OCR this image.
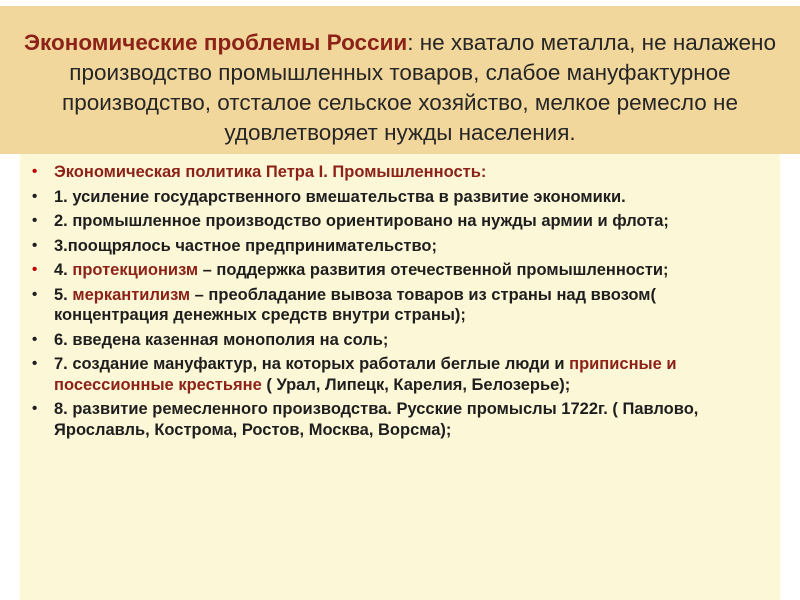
Экономические проблемы России: не хватало металла, не налажено производство промышленных товаров, слабое мануфактурное производство, отсталое сельское хозяйство, мелкое ремесло не удовлетворяет нужды населения.
• Экономическая политика Петра I. Промышленность:
• 1. усиление государственного вмешательства в развитие экономики.
• 2. промышленное производство ориентировано на нужды армии и флота;
• 3.поощрялось частное предпринимательство;
• 4. протекционизм – поддержка развития отечественной промышленности;
• 5. меркантилизм – преобладание вывоза товаров из страны над ввозом( концентрация денежных средств внутри страны);
• 6. введена казенная монополия на соль;
• 7. создание мануфактур, на которых работали беглые люди и приписные и посессионные крестьяне ( Урал, Липецк, Карелия, Белозерье);
• 8. развитие ремесленного производства. Русские промыслы 1722г. ( Павлово, Ярославль, Кострома, Ростов, Москва, Ворсма);
